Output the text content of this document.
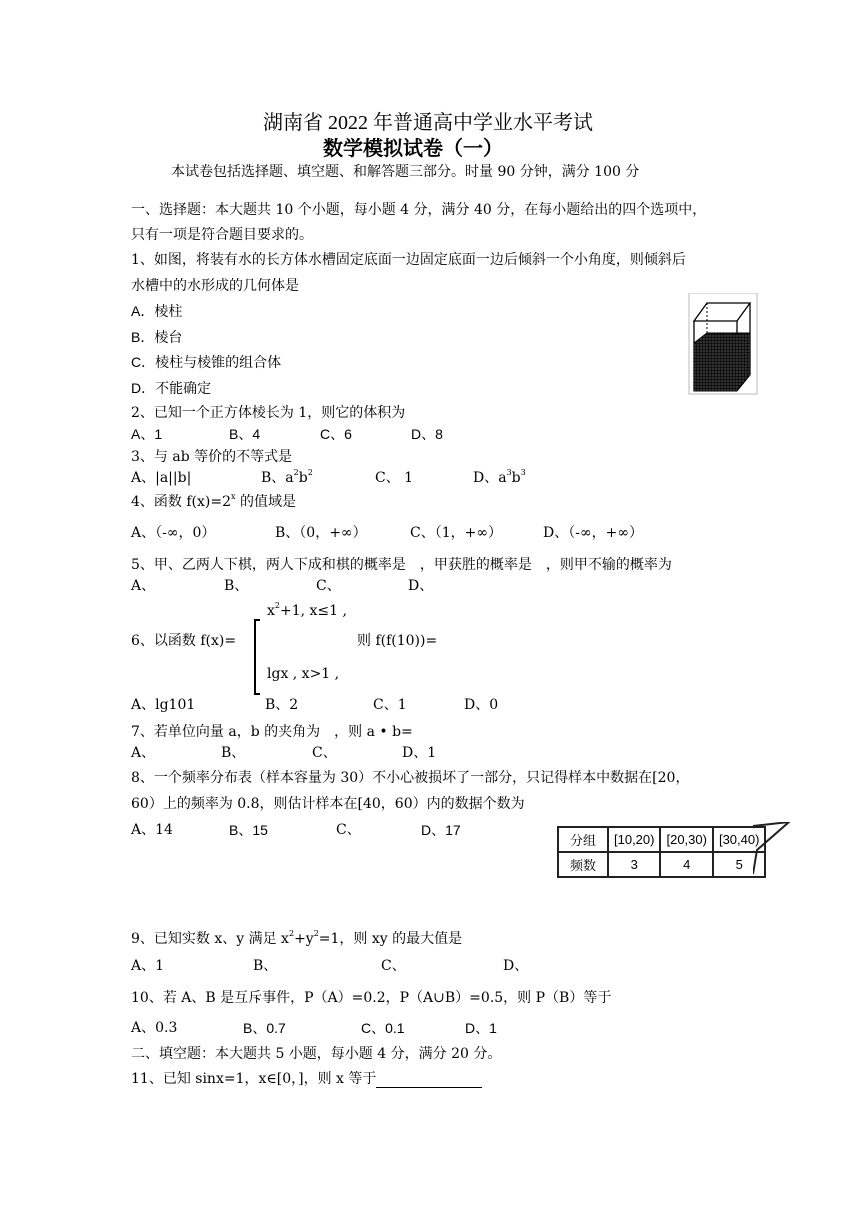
湖南省 2022 年普通高中学业水平考试
数学模拟试卷（一）
本试卷包括选择题、填空题、和解答题三部分。时量 90 分钟，满分 100 分
一、选择题：本大题共 10 个小题，每小题 4 分，满分 40 分，在每小题给出的四个选项中，
只有一项是符合题目要求的。
1、如图，将装有水的长方体水槽固定底面一边固定底面一边后倾斜一个小角度，则倾斜后
水槽中的水形成的几何体是
A．棱柱
B．棱台
C．棱柱与棱锥的组合体
D．不能确定
2、已知一个正方体棱长为 1，则它的体积为
A、1	B、4	C、6	D、8
3、与 ab 等价的不等式是
A、|a||b|	B、$a^2b^2$	C、 1	D、$a^3b^3$
4、函数 $f(x)=2^x$ 的值域是
A、（-∞，0）	B、（0，+∞）	C、（1，+∞）	D、（-∞，+∞）
5、甲、乙两人下棋，两人下成和棋的概率是　，甲获胜的概率是　，则甲不输的概率为
A、	B、	C、	D、
$x^2+1$, x≤1 ,
6、以函数 f(x)=	则 f(f(10))=
lgx , x>1 ,
A、lg101	B、2	C、1	D、0
7、若单位向量 a，b 的夹角为　，则 a • b=
A、	B、	C、	D、1
8、一个频率分布表（样本容量为 30）不小心被损坏了一部分，只记得样本中数据在[20，
60）上的频率为 0.8，则估计样本在[40，60）内的数据个数为
A、14	B、15	C、	D、17
分组	[10,20)	[20,30)	[30,40)
频数	3	4	5
9、已知实数 x、y 满足 $x^2+y^2=1$，则 xy 的最大值是
A、1	B、	C、	D、
10、若 A、B 是互斥事件，P（A）=0.2，P（A∪B）=0.5，则 P（B）等于
A、0.3	B、0.7	C、0.1	D、1
二、填空题：本大题共 5 小题，每小题 4 分，满分 20 分。
11、已知 sinx=1，x∈[0，]，则 x 等于
